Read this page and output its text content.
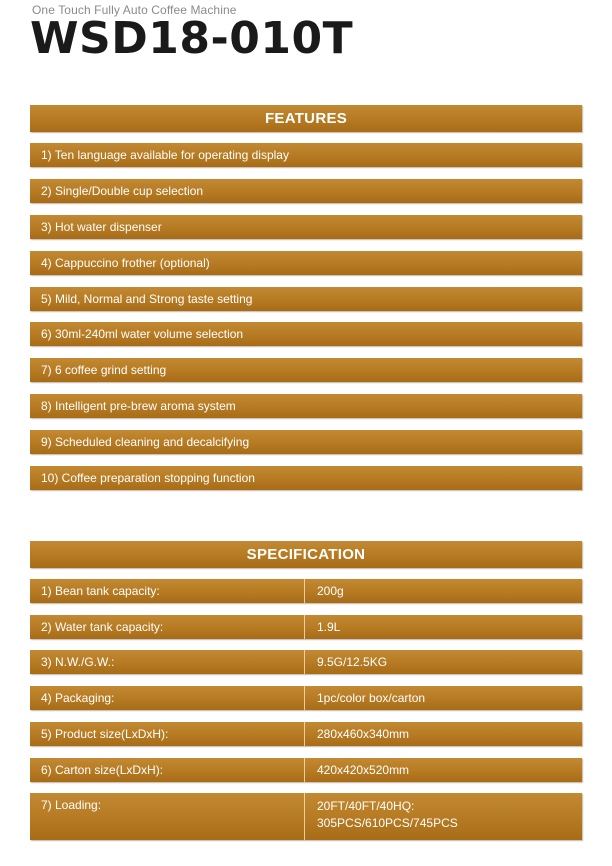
One Touch Fully Auto Coffee Machine
WSD18-010T
FEATURES
1) Ten language available for operating display
2) Single/Double cup selection
3) Hot water dispenser
4) Cappuccino frother (optional)
5) Mild, Normal and Strong taste setting
6) 30ml-240ml water volume selection
7) 6 coffee grind setting
8) Intelligent pre-brew aroma system
9) Scheduled cleaning and decalcifying
10) Coffee preparation stopping function
SPECIFICATION
1) Bean tank capacity:	200g
2) Water tank capacity:	1.9L
3) N.W./G.W.:	9.5G/12.5KG
4) Packaging:	1pc/color box/carton
5) Product size(LxDxH):	280x460x340mm
6) Carton size(LxDxH):	420x420x520mm
7) Loading:	20FT/40FT/40HQ:
305PCS/610PCS/745PCS
